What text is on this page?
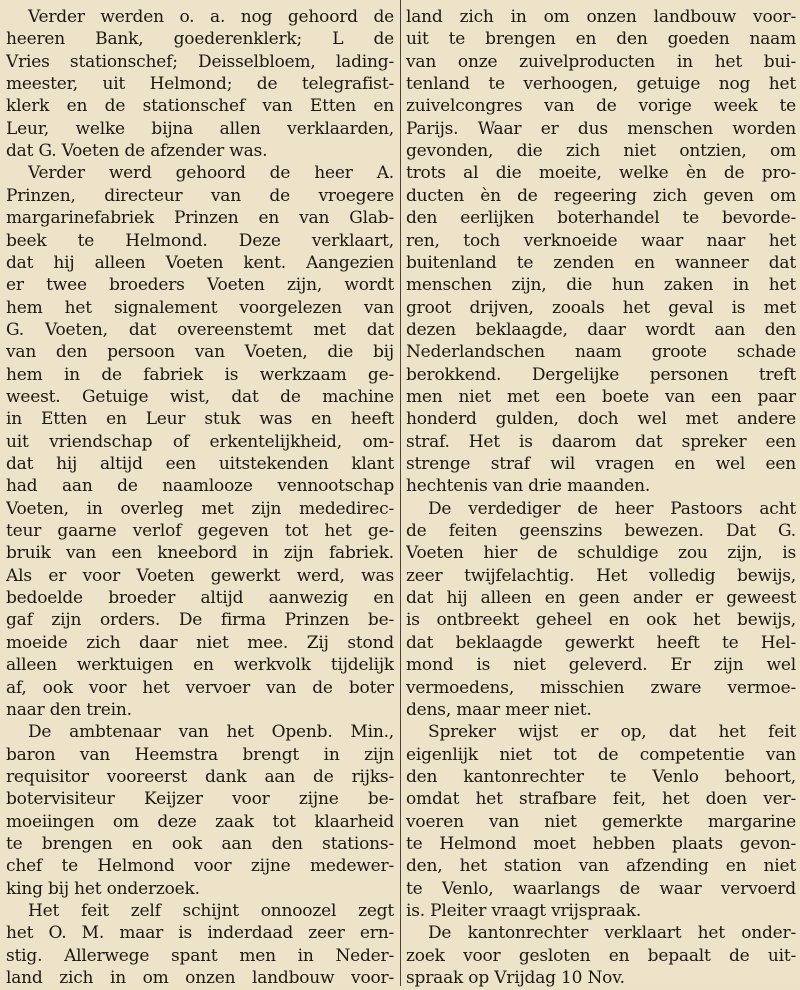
Verder werden o. a. nog gehoord de
heeren Bank, goederenklerk; L de
Vries stationschef; Deisselbloem, lading-
meester, uit Helmond; de telegrafist-
klerk en de stationschef van Etten en
Leur, welke bijna allen verklaarden,
dat G. Voeten de afzender was.
Verder werd gehoord de heer A.
Prinzen, directeur van de vroegere
margarinefabriek Prinzen en van Glab-
beek te Helmond. Deze verklaart,
dat hij alleen Voeten kent. Aangezien
er twee broeders Voeten zijn, wordt
hem het signalement voorgelezen van
G. Voeten, dat overeenstemt met dat
van den persoon van Voeten, die bij
hem in de fabriek is werkzaam ge-
weest. Getuige wist, dat de machine
in Etten en Leur stuk was en heeft
uit vriendschap of erkentelijkheid, om-
dat hij altijd een uitstekenden klant
had aan de naamlooze vennootschap
Voeten, in overleg met zijn mededirec-
teur gaarne verlof gegeven tot het ge-
bruik van een kneebord in zijn fabriek.
Als er voor Voeten gewerkt werd, was
bedoelde broeder altijd aanwezig en
gaf zijn orders. De firma Prinzen be-
moeide zich daar niet mee. Zij stond
alleen werktuigen en werkvolk tijdelijk
af, ook voor het vervoer van de boter
naar den trein.
De ambtenaar van het Openb. Min.,
baron van Heemstra brengt in zijn
requisitor vooreerst dank aan de rijks-
botervisiteur Keijzer voor zijne be-
moeiingen om deze zaak tot klaarheid
te brengen en ook aan den stations-
chef te Helmond voor zijne medewer-
king bij het onderzoek.
Het feit zelf schijnt onnoozel zegt
het O. M. maar is inderdaad zeer ern-
stig. Allerwege spant men in Neder-
land zich in om onzen landbouw voor-
land zich in om onzen landbouw voor-
uit te brengen en den goeden naam
van onze zuivelproducten in het bui-
tenland te verhoogen, getuige nog het
zuivelcongres van de vorige week te
Parijs. Waar er dus menschen worden
gevonden, die zich niet ontzien, om
trots al die moeite, welke èn de pro-
ducten èn de regeering zich geven om
den eerlijken boterhandel te bevorde-
ren, toch verknoeide waar naar het
buitenland te zenden en wanneer dat
menschen zijn, die hun zaken in het
groot drijven, zooals het geval is met
dezen beklaagde, daar wordt aan den
Nederlandschen naam groote schade
berokkend. Dergelijke personen treft
men niet met een boete van een paar
honderd gulden, doch wel met andere
straf. Het is daarom dat spreker een
strenge straf wil vragen en wel een
hechtenis van drie maanden.
De verdediger de heer Pastoors acht
de feiten geenszins bewezen. Dat G.
Voeten hier de schuldige zou zijn, is
zeer twijfelachtig. Het volledig bewijs,
dat hij alleen en geen ander er geweest
is ontbreekt geheel en ook het bewijs,
dat beklaagde gewerkt heeft te Hel-
mond is niet geleverd. Er zijn wel
vermoedens, misschien zware vermoe-
dens, maar meer niet.
Spreker wijst er op, dat het feit
eigenlijk niet tot de competentie van
den kantonrechter te Venlo behoort,
omdat het strafbare feit, het doen ver-
voeren van niet gemerkte margarine
te Helmond moet hebben plaats gevon-
den, het station van afzending en niet
te Venlo, waarlangs de waar vervoerd
is. Pleiter vraagt vrijspraak.
De kantonrechter verklaart het onder-
zoek voor gesloten en bepaalt de uit-
spraak op Vrijdag 10 Nov.
